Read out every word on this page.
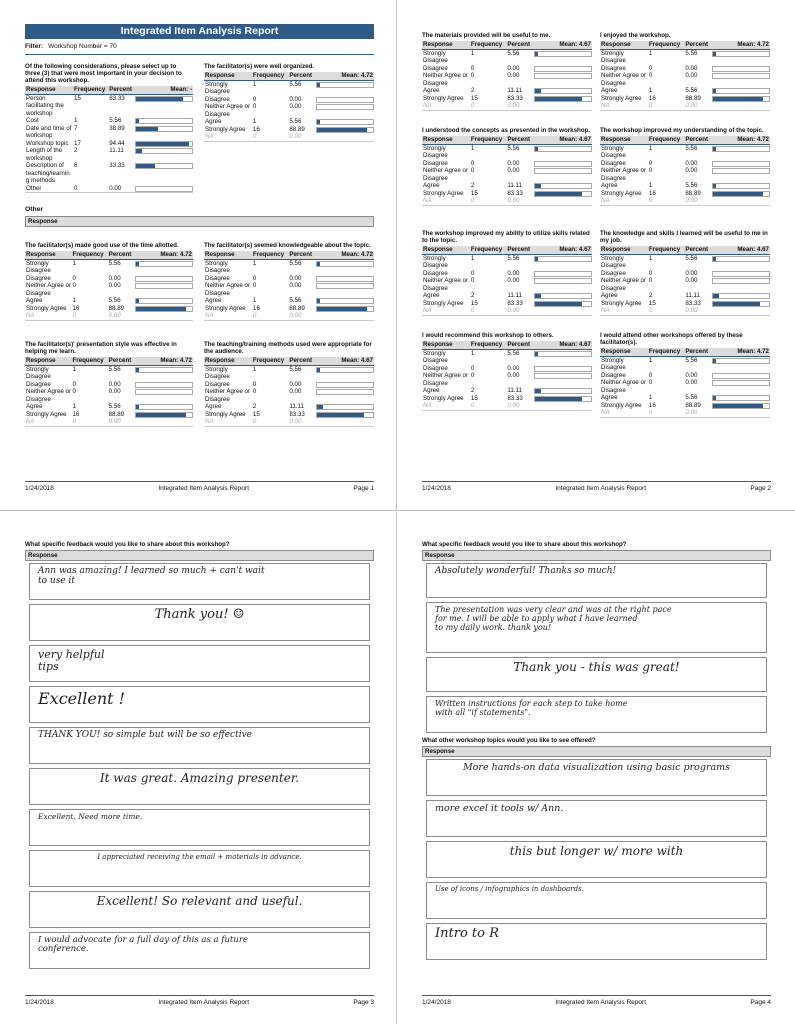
Integrated Item Analysis Report
Filter: Workshop Number = 70
Of the following considerations, please select up to three (3) that were most important in your decision to attend this workshop.
Response	Frequency	Percent	Mean: -
Person facilitating the workshop	15	83.33	

Cost	1	5.56	

Date and time of workshop	7	38.89	

Workshop topic	17	94.44	

Length of the workshop	2	11.11	

Description of teaching/learnin g methods	6	33.33	

Other	0	0.00	
The facilitator(s) were well organized.
Response	Frequency	Percent	Mean: 4.72
Strongly Disagree	1	5.56	

Disagree	0	0.00	

Neither Agree or Disagree	0	0.00	

Agree	1	5.56	

Strongly Agree	16	88.89	

NA	0	0.00	
Other
Response
The facilitator(s) made good use of the time allotted.
Response	Frequency	Percent	Mean: 4.72
Strongly Disagree	1	5.56	

Disagree	0	0.00	

Neither Agree or Disagree	0	0.00	

Agree	1	5.56	

Strongly Agree	16	88.89	

NA	0	0.00	
The facilitator(s) seemed knowledgeable about the topic.
Response	Frequency	Percent	Mean: 4.72
Strongly Disagree	1	5.56	

Disagree	0	0.00	

Neither Agree or Disagree	0	0.00	

Agree	1	5.56	

Strongly Agree	16	88.89	

NA	0	0.00	
The facilitator(s)' presentation style was effective in helping me learn.
Response	Frequency	Percent	Mean: 4.72
Strongly Disagree	1	5.56	

Disagree	0	0.00	

Neither Agree or Disagree	0	0.00	

Agree	1	5.56	

Strongly Agree	16	88.89	

NA	0	0.00	
The teaching/training methods used were appropriate for the audience.
Response	Frequency	Percent	Mean: 4.67
Strongly Disagree	1	5.56	

Disagree	0	0.00	

Neither Agree or Disagree	0	0.00	

Agree	2	11.11	

Strongly Agree	15	83.33	

NA	0	0.00	
1/24/2018	Integrated Item Analysis Report	Page 1
The materials provided will be useful to me.
Response	Frequency	Percent	Mean: 4.67
Strongly Disagree	1	5.56	

Disagree	0	0.00	

Neither Agree or Disagree	0	0.00	

Agree	2	11.11	

Strongly Agree	15	83.33	

NA	0	0.00	
I enjoyed the workshop.
Response	Frequency	Percent	Mean: 4.72
Strongly Disagree	1	5.56	

Disagree	0	0.00	

Neither Agree or Disagree	0	0.00	

Agree	1	5.56	

Strongly Agree	16	88.89	

NA	0	0.00	
I understood the concepts as presented in the workshop.
Response	Frequency	Percent	Mean: 4.67
Strongly Disagree	1	5.56	

Disagree	0	0.00	

Neither Agree or Disagree	0	0.00	

Agree	2	11.11	

Strongly Agree	15	83.33	

NA	0	0.00	
The workshop improved my understanding of the topic.
Response	Frequency	Percent	Mean: 4.72
Strongly Disagree	1	5.56	

Disagree	0	0.00	

Neither Agree or Disagree	0	0.00	

Agree	1	5.56	

Strongly Agree	16	88.89	

NA	0	0.00	
The workshop improved my ability to utilize skills related to the topic.
Response	Frequency	Percent	Mean: 4.67
Strongly Disagree	1	5.56	

Disagree	0	0.00	

Neither Agree or Disagree	0	0.00	

Agree	2	11.11	

Strongly Agree	15	83.33	

NA	0	0.00	
The knowledge and skills I learned will be useful to me in my job.
Response	Frequency	Percent	Mean: 4.67
Strongly Disagree	1	5.56	

Disagree	0	0.00	

Neither Agree or Disagree	0	0.00	

Agree	2	11.11	

Strongly Agree	15	83.33	

NA	0	0.00	
I would recommend this workshop to others.
Response	Frequency	Percent	Mean: 4.67
Strongly Disagree	1	5.56	

Disagree	0	0.00	

Neither Agree or Disagree	0	0.00	

Agree	2	11.11	

Strongly Agree	15	83.33	

NA	0	0.00	
I would attend other workshops offered by these facilitator(s).
Response	Frequency	Percent	Mean: 4.72
Strongly Disagree	1	5.56	

Disagree	0	0.00	

Neither Agree or Disagree	0	0.00	

Agree	1	5.56	

Strongly Agree	16	88.89	

NA	0	0.00	
1/24/2018	Integrated Item Analysis Report	Page 2
What specific feedback would you like to share about this workshop?
Response
Ann was amazing! I learned so much + can't wait
to use it
Thank you! ☺
very helpful
tips
Excellent !
THANK YOU! so simple but will be so effective
It was great. Amazing presenter.
Excellent. Need more time.
I appreciated receiving the email + materials in advance.
Excellent! So relevant and useful.
I would advocate for a full day of this as a future
conference.
1/24/2018	Integrated Item Analysis Report	Page 3
What specific feedback would you like to share about this workshop?
Response
Absolutely wonderful! Thanks so much!
The presentation was very clear and was at the right pace
for me. I will be able to apply what I have learned
to my daily work. thank you!
Thank you - this was great!
Written instructions for each step to take home
with all "if statements".
What other workshop topics would you like to see offered?
Response
More hands-on data visualization using basic programs
more excel it tools w/ Ann.
this but longer w/ more with
Use of icons / infographics in dashboards.
Intro to R
1/24/2018	Integrated Item Analysis Report	Page 4
